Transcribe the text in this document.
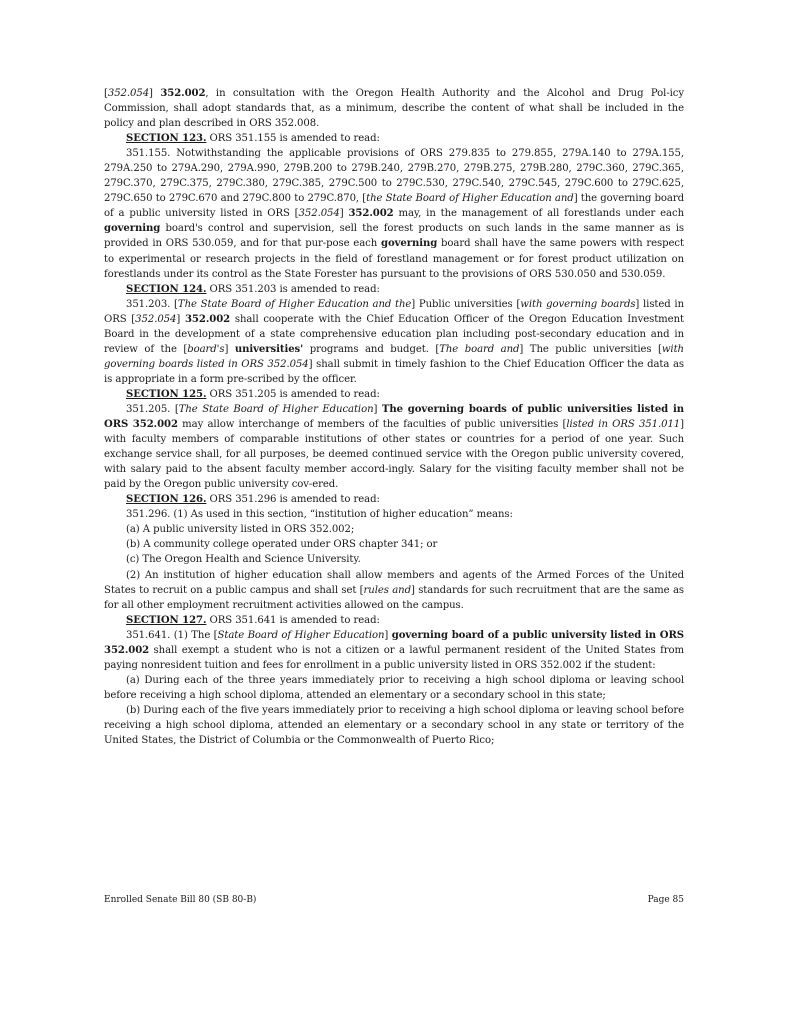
[352.054] 352.002, in consultation with the Oregon Health Authority and the Alcohol and Drug Pol-icy Commission, shall adopt standards that, as a minimum, describe the content of what shall be included in the policy and plan described in ORS 352.008.

SECTION 123. ORS 351.155 is amended to read:

351.155. Notwithstanding the applicable provisions of ORS 279.835 to 279.855, 279A.140 to 279A.155, 279A.250 to 279A.290, 279A.990, 279B.200 to 279B.240, 279B.270, 279B.275, 279B.280, 279C.360, 279C.365, 279C.370, 279C.375, 279C.380, 279C.385, 279C.500 to 279C.530, 279C.540, 279C.545, 279C.600 to 279C.625, 279C.650 to 279C.670 and 279C.800 to 279C.870, [the State Board of Higher Education and] the governing board of a public university listed in ORS [352.054] 352.002 may, in the management of all forestlands under each governing board's control and supervision, sell the forest products on such lands in the same manner as is provided in ORS 530.059, and for that pur-pose each governing board shall have the same powers with respect to experimental or research projects in the field of forestland management or for forest product utilization on forestlands under its control as the State Forester has pursuant to the provisions of ORS 530.050 and 530.059.

SECTION 124. ORS 351.203 is amended to read:

351.203. [The State Board of Higher Education and the] Public universities [with governing boards] listed in ORS [352.054] 352.002 shall cooperate with the Chief Education Officer of the Oregon Education Investment Board in the development of a state comprehensive education plan including post-secondary education and in review of the [board's] universities' programs and budget. [The board and] The public universities [with governing boards listed in ORS 352.054] shall submit in timely fashion to the Chief Education Officer the data as is appropriate in a form pre-scribed by the officer.

SECTION 125. ORS 351.205 is amended to read:

351.205. [The State Board of Higher Education] The governing boards of public universities listed in ORS 352.002 may allow interchange of members of the faculties of public universities [listed in ORS 351.011] with faculty members of comparable institutions of other states or countries for a period of one year. Such exchange service shall, for all purposes, be deemed continued service with the Oregon public university covered, with salary paid to the absent faculty member accord-ingly. Salary for the visiting faculty member shall not be paid by the Oregon public university cov-ered.

SECTION 126. ORS 351.296 is amended to read:

351.296. (1) As used in this section, “institution of higher education” means:

(a) A public university listed in ORS 352.002;

(b) A community college operated under ORS chapter 341; or

(c) The Oregon Health and Science University.

(2) An institution of higher education shall allow members and agents of the Armed Forces of the United States to recruit on a public campus and shall set [rules and] standards for such recruitment that are the same as for all other employment recruitment activities allowed on the campus.

SECTION 127. ORS 351.641 is amended to read:

351.641. (1) The [State Board of Higher Education] governing board of a public university listed in ORS 352.002 shall exempt a student who is not a citizen or a lawful permanent resident of the United States from paying nonresident tuition and fees for enrollment in a public university listed in ORS 352.002 if the student:

(a) During each of the three years immediately prior to receiving a high school diploma or leaving school before receiving a high school diploma, attended an elementary or a secondary school in this state;

(b) During each of the five years immediately prior to receiving a high school diploma or leaving school before receiving a high school diploma, attended an elementary or a secondary school in any state or territory of the United States, the District of Columbia or the Commonwealth of Puerto Rico;

Enrolled Senate Bill 80 (SB 80-B)	Page 85
